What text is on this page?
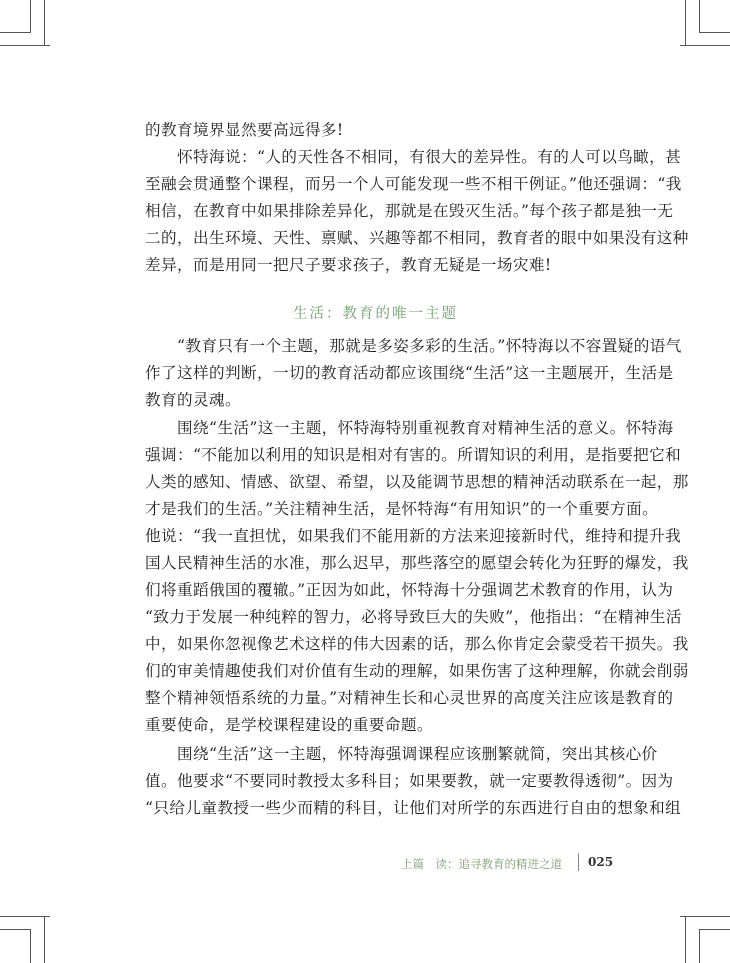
的教育境界显然要高远得多!

　　怀特海说：“人的天性各不相同，有很大的差异性。有的人可以鸟瞰，甚
至融会贯通整个课程，而另一个人可能发现一些不相干例证。”他还强调：“我
相信，在教育中如果排除差异化，那就是在毁灭生活。”每个孩子都是独一无
二的，出生环境、天性、禀赋、兴趣等都不相同，教育者的眼中如果没有这种
差异，而是用同一把尺子要求孩子，教育无疑是一场灾难!

生活：教育的唯一主题

　　“教育只有一个主题，那就是多姿多彩的生活。”怀特海以不容置疑的语气
作了这样的判断，一切的教育活动都应该围绕“生活”这一主题展开，生活是
教育的灵魂。

　　围绕“生活”这一主题，怀特海特别重视教育对精神生活的意义。怀特海
强调：“不能加以利用的知识是相对有害的。所谓知识的利用，是指要把它和
人类的感知、情感、欲望、希望，以及能调节思想的精神活动联系在一起，那
才是我们的生活。”关注精神生活，是怀特海“有用知识”的一个重要方面。
他说：“我一直担忧，如果我们不能用新的方法来迎接新时代，维持和提升我
国人民精神生活的水准，那么迟早，那些落空的愿望会转化为狂野的爆发，我
们将重蹈俄国的覆辙。”正因为如此，怀特海十分强调艺术教育的作用，认为
“致力于发展一种纯粹的智力，必将导致巨大的失败”，他指出：“在精神生活
中，如果你忽视像艺术这样的伟大因素的话，那么你肯定会蒙受若干损失。我
们的审美情趣使我们对价值有生动的理解，如果伤害了这种理解，你就会削弱
整个精神领悟系统的力量。”对精神生长和心灵世界的高度关注应该是教育的
重要使命，是学校课程建设的重要命题。

　　围绕“生活”这一主题，怀特海强调课程应该删繁就简，突出其核心价
值。他要求“不要同时教授太多科目；如果要教，就一定要教得透彻”。因为
“只给儿童教授一些少而精的科目，让他们对所学的东西进行自由的想象和组

上篇　读：追寻教育的精进之道 025
